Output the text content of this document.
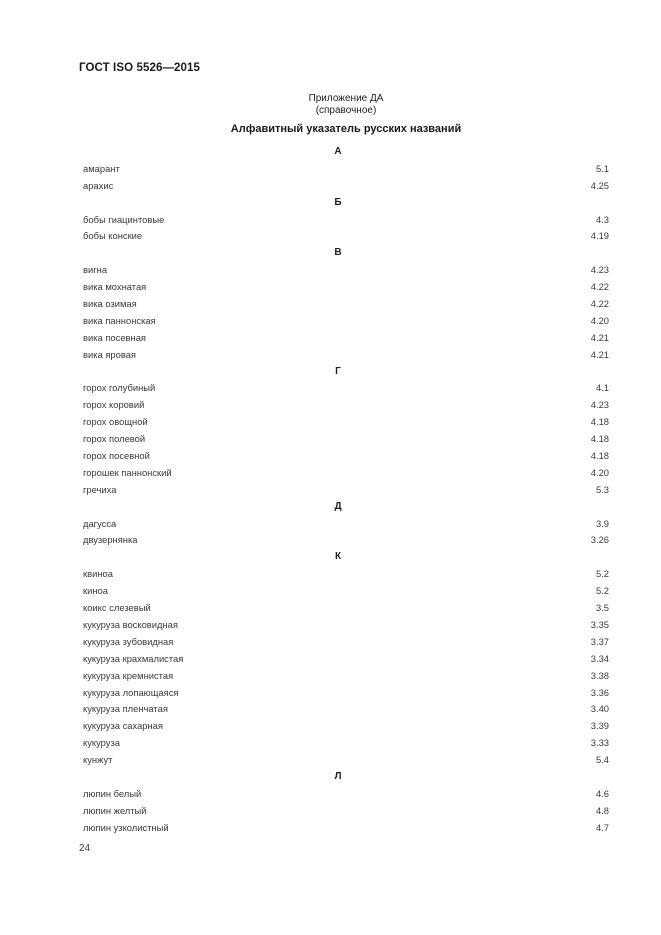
ГОСТ ISO 5526—2015
Приложение ДА
(справочное)
Алфавитный указатель русских названий
А
амарант	5.1
арахис	4.25
Б
бобы гиацинтовые	4.3
бобы конские	4.19
В
вигна	4.23
вика мохнатая	4.22
вика озимая	4.22
вика паннонская	4.20
вика посевная	4.21
вика яровая	4.21
Г
горох голубиный	4.1
горох коровий	4.23
горох овощной	4.18
горох полевой	4.18
горох посевной	4.18
горошек паннонский	4.20
гречиха	5.3
Д
дагусса	3.9
двузернянка	3.26
К
квиноа	5.2
киноа	5.2
коикс слезевый	3.5
кукуруза восковидная	3.35
кукуруза зубовидная	3.37
кукуруза крахмалистая	3.34
кукуруза кремнистая	3.38
кукуруза лопающаяся	3.36
кукуруза пленчатая	3.40
кукуруза сахарная	3.39
кукуруза	3.33
кунжут	5.4
Л
люпин белый	4.6
люпин желтый	4.8
люпин узколистный	4.7
24
